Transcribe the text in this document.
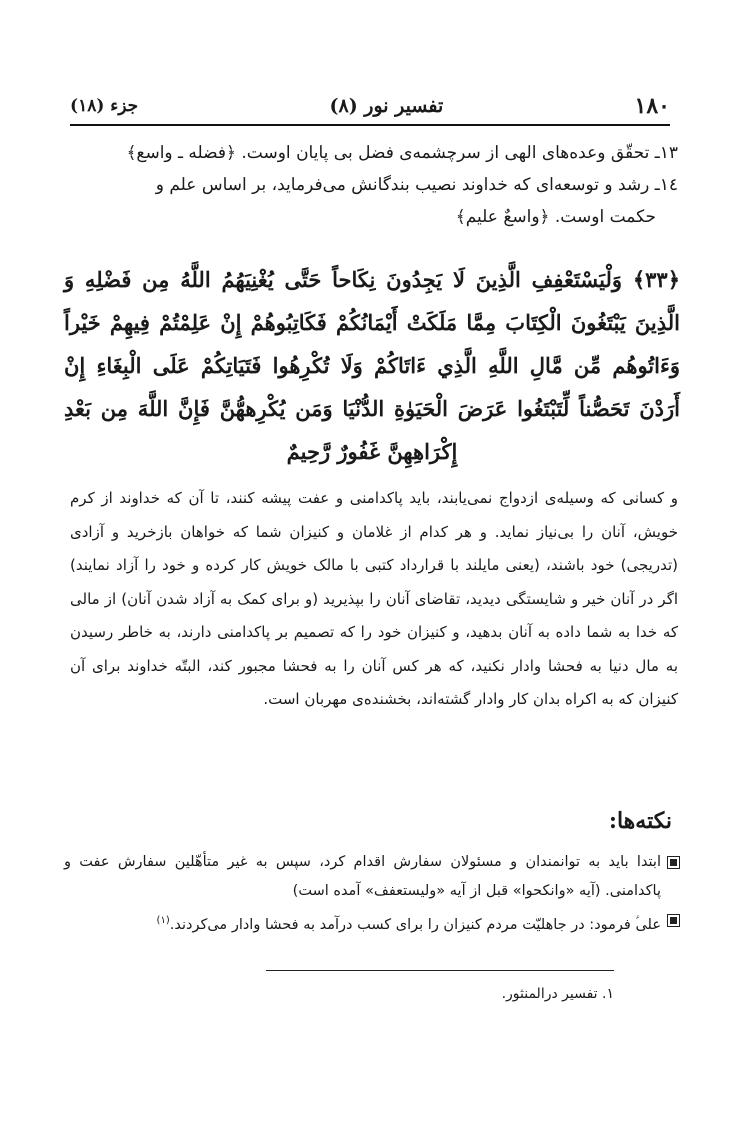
۱۸۰
تفسیر نور (۸)
جزء (۱۸)

۱۳ـ تحقّق وعده‌های الهی از سرچشمه‌ی فضل بی پایان اوست. ﴿فضله ـ واسع﴾

۱٤ـ رشد و توسعه‌ای که خداوند نصیب بندگانش می‌فرماید، بر اساس علم و

حکمت اوست. ﴿واسعٌ علیم﴾

﴿۳۳﴾ وَلْيَسْتَعْفِفِ الَّذِينَ لَا يَجِدُونَ نِكَاحاً حَتَّى يُغْنِيَهُمُ اللَّهُ مِن فَضْلِهِ وَ الَّذِينَ يَبْتَغُونَ الْكِتَابَ مِمَّا مَلَكَتْ أَيْمَانُكُمْ فَكَاتِبُوهُمْ إِنْ عَلِمْتُمْ فِيهِمْ خَيْراً وَءَاتُوهُم مِّن مَّالِ اللَّهِ الَّذِي ءَاتَاكُمْ وَلَا تُكْرِهُوا فَتَيَاتِكُمْ عَلَى الْبِغَاءِ إِنْ أَرَدْنَ تَحَصُّناً لِّتَبْتَغُوا عَرَضَ الْحَيَوٰةِ الدُّنْيَا وَمَن يُكْرِههُّنَّ فَإِنَّ اللَّهَ مِن بَعْدِ إِكْرَاهِهِنَّ غَفُورٌ رَّحِيمٌ
و کسانی که وسیله‌ی ازدواج نمی‌یابند، باید پاکدامنی و عفت پیشه کنند، تا آن که خداوند از کرم خویش، آنان را بی‌نیاز نماید. و هر کدام از غلامان و کنیزان شما که خواهان بازخرید و آزادی (تدریجی) خود باشند، (یعنی مایلند با قرارداد کتبی با مالک خویش کار کرده و خود را آزاد نمایند) اگر در آنان خیر و شایستگی دیدید، تقاضای آنان را بپذیرید (و برای کمک به آزاد شدن آنان) از مالی که خدا به شما داده به آنان بدهید، و کنیزان خود را که تصمیم بر پاکدامنی دارند، به خاطر رسیدن به مال دنیا به فحشا وادار نکنید، که هر کس آنان را به فحشا مجبور کند، البتّه خداوند برای آن کنیزان که به اکراه بدان کار وادار گشته‌اند، بخشنده‌ی مهربان است.
نکته‌ها:
ابتدا باید به توانمندان و مسئولان سفارش اقدام کرد، سپس به غیر متأهّلین سفارش عفت و پاکدامنی. (آیه «وانکحوا» قبل از آیه «ولیستعفف» آمده است)
علی‌ؑ فرمود: در جاهلیّت مردم کنیزان را برای کسب درآمد به فحشا وادار می‌کردند.$^{(۱)}$
۱. تفسیر درالمنثور.
